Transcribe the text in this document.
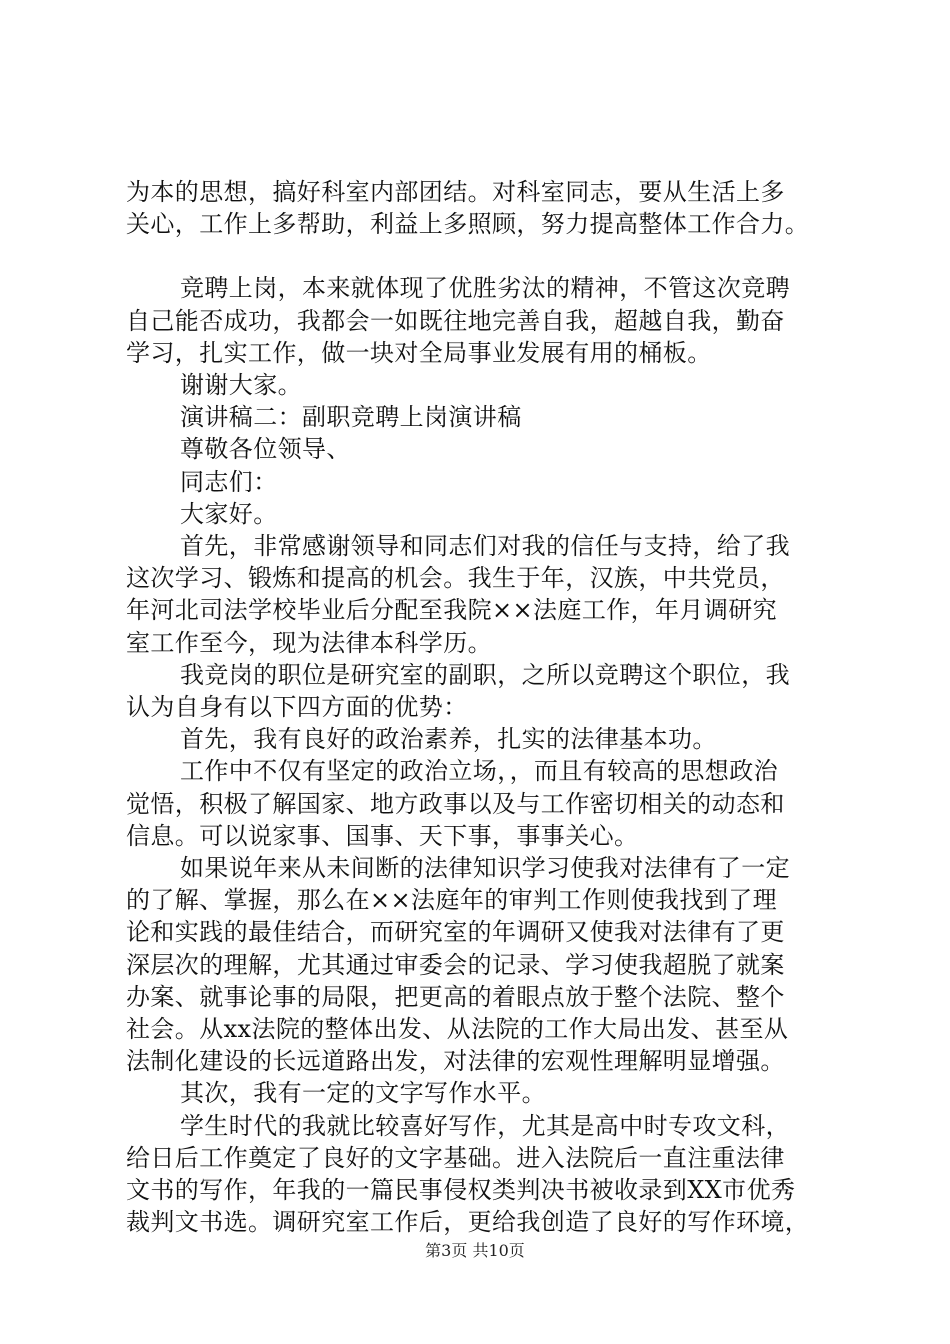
为本的思想，搞好科室内部团结。对科室同志，要从生活上多
关心，工作上多帮助，利益上多照顾，努力提高整体工作合力。
竞聘上岗，本来就体现了优胜劣汰的精神，不管这次竞聘
自己能否成功，我都会一如既往地完善自我，超越自我，勤奋
学习，扎实工作，做一块对全局事业发展有用的桶板。
谢谢大家。
演讲稿二：副职竞聘上岗演讲稿
尊敬各位领导、
同志们：
大家好。
首先，非常感谢领导和同志们对我的信任与支持，给了我
这次学习、锻炼和提高的机会。我生于年，汉族，中共党员，
年河北司法学校毕业后分配至我院××法庭工作，年月调研究
室工作至今，现为法律本科学历。
我竞岗的职位是研究室的副职，之所以竞聘这个职位，我
认为自身有以下四方面的优势：
首先，我有良好的政治素养，扎实的法律基本功。
工作中不仅有坚定的政治立场，，而且有较高的思想政治
觉悟，积极了解国家、地方政事以及与工作密切相关的动态和
信息。可以说家事、国事、天下事，事事关心。
如果说年来从未间断的法律知识学习使我对法律有了一定
的了解、掌握，那么在××法庭年的审判工作则使我找到了理
论和实践的最佳结合，而研究室的年调研又使我对法律有了更
深层次的理解，尤其通过审委会的记录、学习使我超脱了就案
办案、就事论事的局限，把更高的着眼点放于整个法院、整个
社会。从xx法院的整体出发、从法院的工作大局出发、甚至从
法制化建设的长远道路出发，对法律的宏观性理解明显增强。
其次，我有一定的文字写作水平。
学生时代的我就比较喜好写作，尤其是高中时专攻文科，
给日后工作奠定了良好的文字基础。进入法院后一直注重法律
文书的写作，年我的一篇民事侵权类判决书被收录到XX市优秀
裁判文书选。调研究室工作后，更给我创造了良好的写作环境，
第3页 共10页
